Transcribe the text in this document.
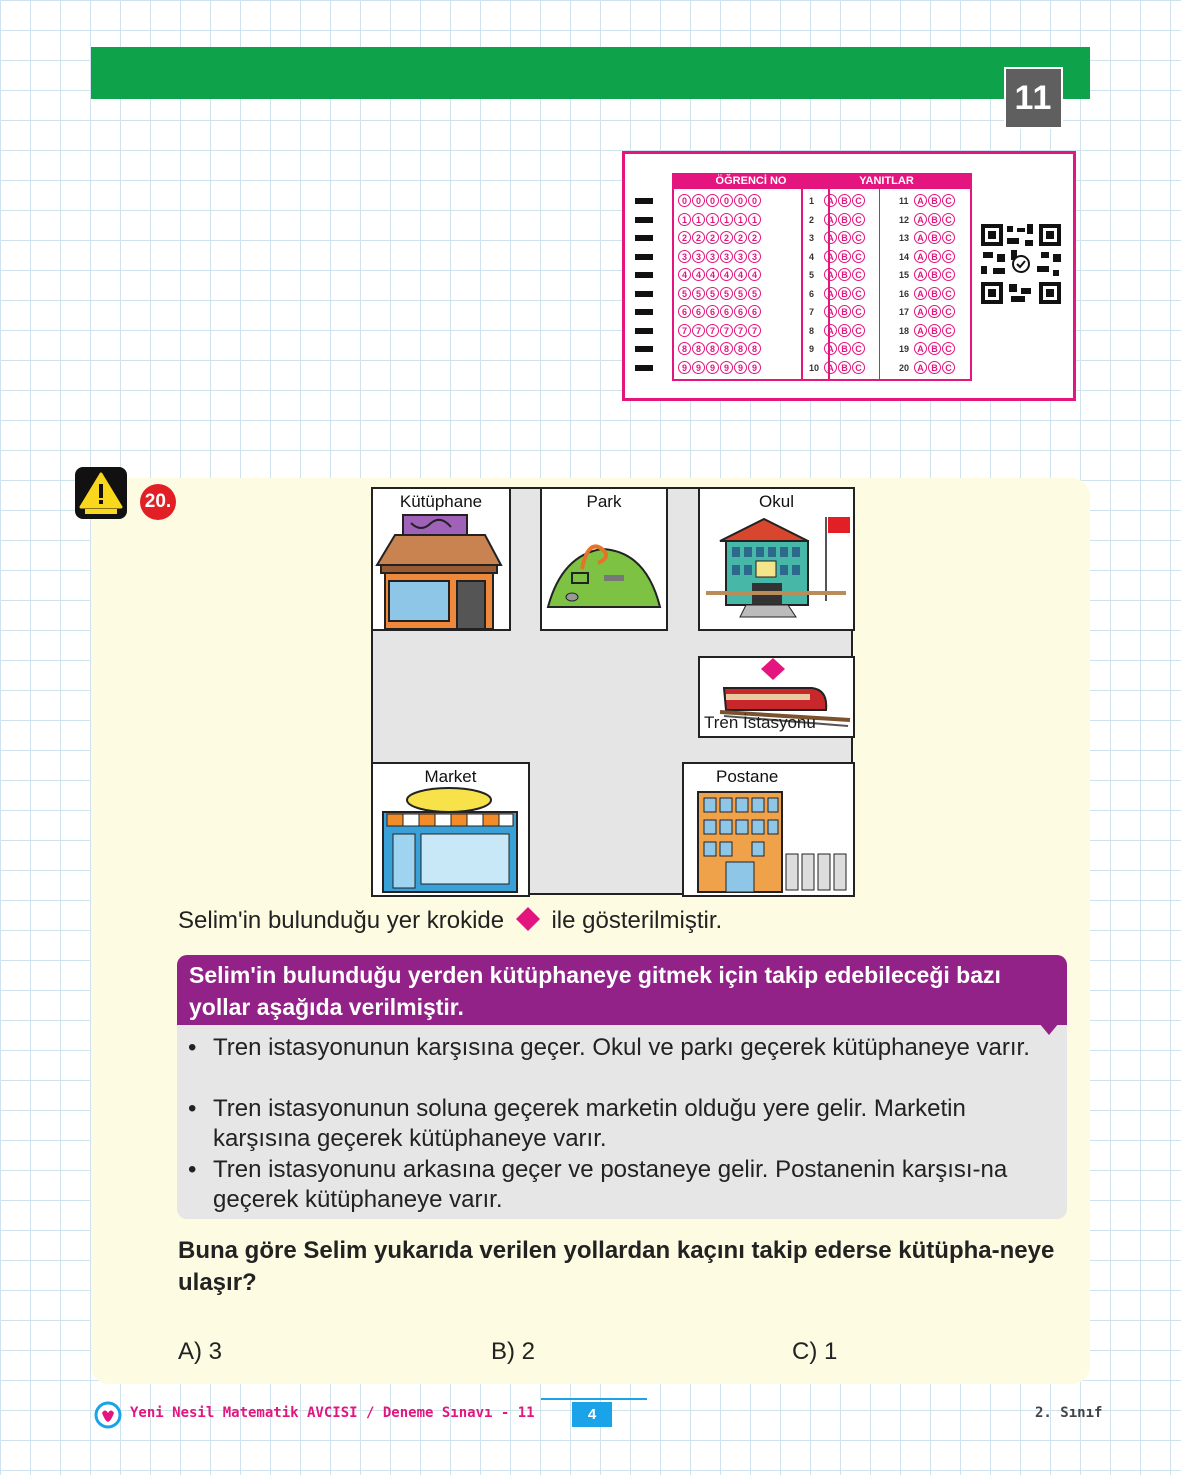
11
ÖĞRENCİ NO
0 0 0 0 0 0
1 1 1 1 1 1
2 2 2 2 2 2
3 3 3 3 3 3
4 4 4 4 4 4
5 5 5 5 5 5
6 6 6 6 6 6
7 7 7 7 7 7
8 8 8 8 8 8
9 9 9 9 9 9
YANITLAR
1 A B C
2 A B C
3 A B C
4 A B C
5 A B C
6 A B C
7 A B C
8 A B C
9 A B C
10 A B C
11 A B C
12 A B C
13 A B C
14 A B C
15 A B C
16 A B C
17 A B C
18 A B C
19 A B C
20 A B C
20.	Kütüphane	Park	Okul
Tren İstasyonu
Market	Postane
Selim'in bulunduğu yer krokide ile gösterilmiştir.
Selim'in bulunduğu yerden kütüphaneye gitmek için takip edebileceği bazı yollar aşağıda verilmiştir.
• Tren istasyonunun karşısına geçer. Okul ve parkı geçerek kütüphaneye varır.
• Tren istasyonunun soluna geçerek marketin olduğu yere gelir. Marketin karşısına geçerek kütüphaneye varır.
• Tren istasyonunu arkasına geçer ve postaneye gelir. Postanenin karşısı-na geçerek kütüphaneye varır.
Buna göre Selim yukarıda verilen yollardan kaçını takip ederse kütüpha-neye ulaşır?
A) 3	B) 2	C) 1
Yeni Nesil Matematik AVCISI / Deneme Sınavı - 11	4	2. Sınıf
